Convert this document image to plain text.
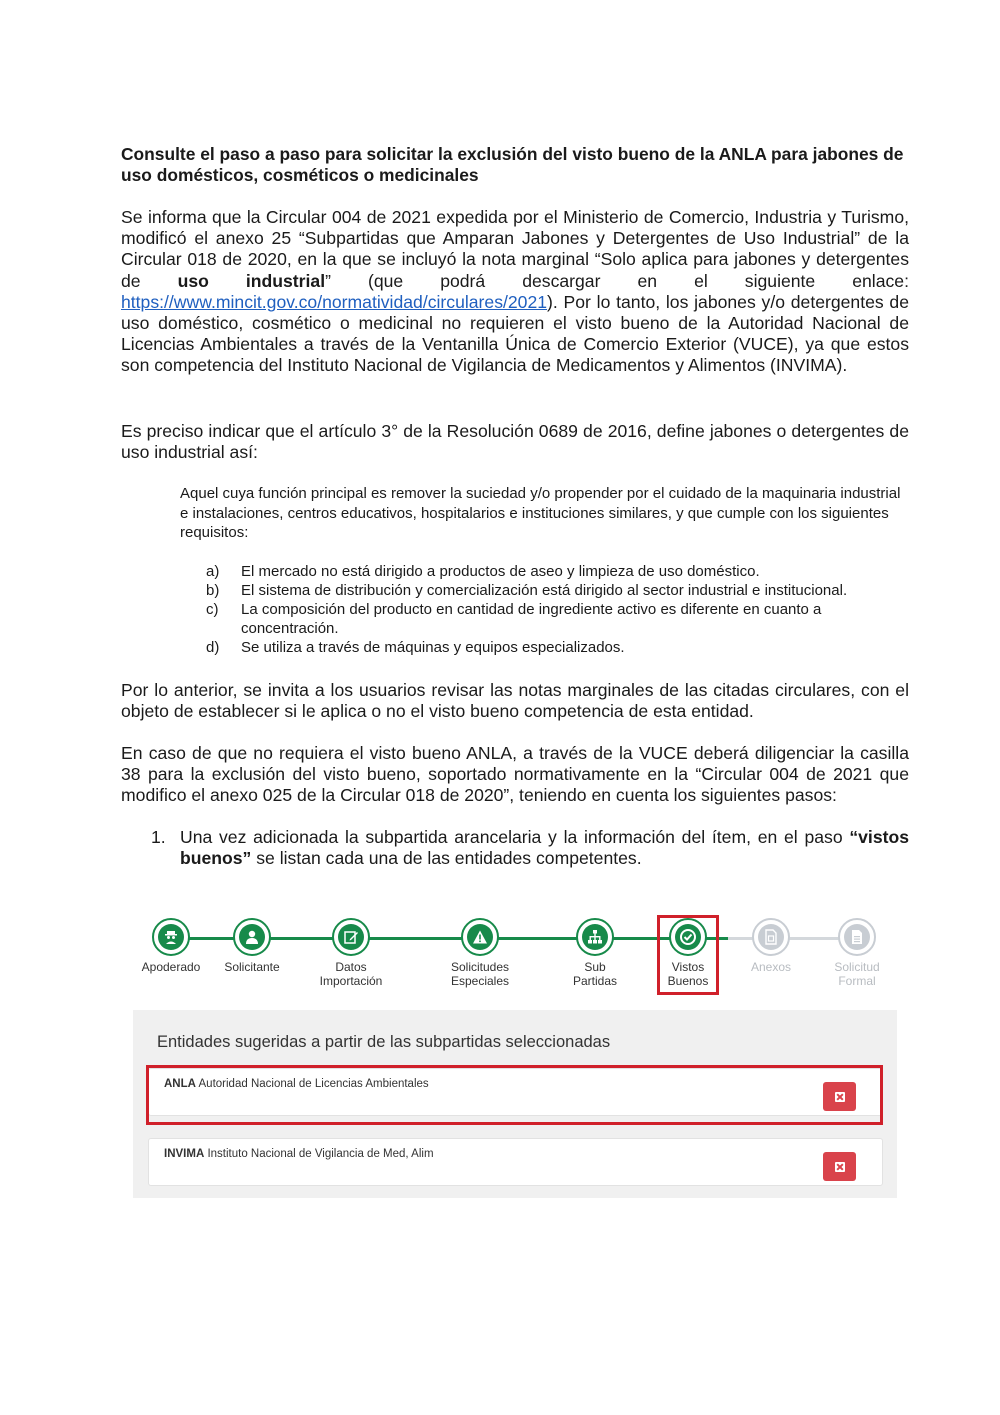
Consulte el paso a paso para solicitar la exclusión del visto bueno de la ANLA para jabones de uso domésticos, cosméticos o medicinales

Se informa que la Circular 004 de 2021 expedida por el Ministerio de Comercio, Industria y Turismo, modificó el anexo 25 “Subpartidas que Amparan Jabones y Detergentes de Uso Industrial” de la Circular 018 de 2020, en la que se incluyó la nota marginal “Solo aplica para jabones y detergentes de uso industrial” (que podrá descargar en el siguiente enlace: https://www.mincit.gov.co/normatividad/circulares/2021). Por lo tanto, los jabones y/o detergentes de uso doméstico, cosmético o medicinal no requieren el visto bueno de la Autoridad Nacional de Licencias Ambientales a través de la Ventanilla Única de Comercio Exterior (VUCE), ya que estos son competencia del Instituto Nacional de Vigilancia de Medicamentos y Alimentos (INVIMA).

Es preciso indicar que el artículo 3° de la Resolución 0689 de 2016, define jabones o detergentes de uso industrial así:

Aquel cuya función principal es remover la suciedad y/o propender por el cuidado de la maquinaria industrial e instalaciones, centros educativos, hospitalarios e instituciones similares, y que cumple con los siguientes requisitos:

a) El mercado no está dirigido a productos de aseo y limpieza de uso doméstico.
b) El sistema de distribución y comercialización está dirigido al sector industrial e institucional.
c) La composición del producto en cantidad de ingrediente activo es diferente en cuanto a concentración.
d) Se utiliza a través de máquinas y equipos especializados.

Por lo anterior, se invita a los usuarios revisar las notas marginales de las citadas circulares, con el objeto de establecer si le aplica o no el visto bueno competencia de esta entidad.

En caso de que no requiera el visto bueno ANLA, a través de la VUCE deberá diligenciar la casilla 38 para la exclusión del visto bueno, soportado normativamente en la “Circular 004 de 2021 que modifico el anexo 025 de la Circular 018 de 2020”, teniendo en cuenta los siguientes pasos:

1. Una vez adicionada la subpartida arancelaria y la información del ítem, en el paso “vistos buenos” se listan cada una de las entidades competentes.
Apoderado	Solicitante	Datos
Importación
Solicitudes
Especiales
Sub
Partidas
Vistos
Buenos
Anexos	Solicitud
Formal

Entidades sugeridas a partir de las subpartidas seleccionadas

ANLA Autoridad Nacional de Licencias Ambientales
INVIMA Instituto Nacional de Vigilancia de Med, Alim
